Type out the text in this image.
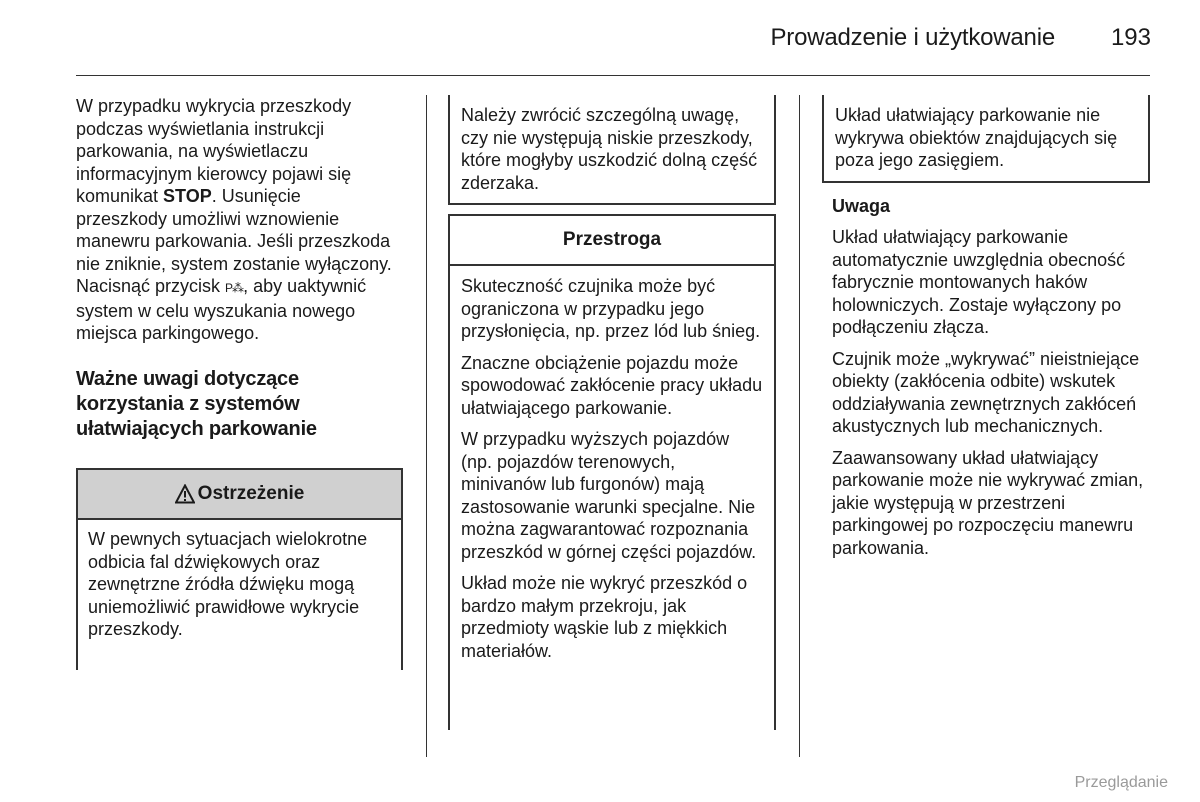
Prowadzenie i użytkowanie	193

W przypadku wykrycia przeszkody podczas wyświetlania instrukcji parkowania, na wyświetlaczu informacyjnym kierowcy pojawi się komunikat STOP. Usunięcie przeszkody umożliwi wznowienie manewru parkowania. Jeśli przeszkoda nie zniknie, system zostanie wyłączony. Nacisnąć przycisk P⁂, aby uaktywnić system w celu wyszukania nowego miejsca parkingowego.

Ważne uwagi dotyczące korzystania z systemów ułatwiających parkowanie
Ostrzeżenie
W pewnych sytuacjach wielokrotne odbicia fal dźwiękowych oraz zewnętrzne źródła dźwięku mogą uniemożliwić prawidłowe wykrycie przeszkody.
Należy zwrócić szczególną uwagę, czy nie występują niskie przeszkody, które mogłyby uszkodzić dolną część zderzaka.
Przestroga

Skuteczność czujnika może być ograniczona w przypadku jego przysłonięcia, np. przez lód lub śnieg.

Znaczne obciążenie pojazdu może spowodować zakłócenie pracy układu ułatwiającego parkowanie.

W przypadku wyższych pojazdów (np. pojazdów terenowych, minivanów lub furgonów) mają zastosowanie warunki specjalne. Nie można zagwarantować rozpoznania przeszkód w górnej części pojazdów.

Układ może nie wykryć przeszkód o bardzo małym przekroju, jak przedmioty wąskie lub z miękkich materiałów.

Układ ułatwiający parkowanie nie wykrywa obiektów znajdujących się poza jego zasięgiem.

Uwaga

Układ ułatwiający parkowanie automatycznie uwzględnia obecność fabrycznie montowanych haków holowniczych. Zostaje wyłączony po podłączeniu złącza.

Czujnik może „wykrywać” nieistniejące obiekty (zakłócenia odbite) wskutek oddziaływania zewnętrznych zakłóceń akustycznych lub mechanicznych.

Zaawansowany układ ułatwiający parkowanie może nie wykrywać zmian, jakie występują w przestrzeni parkingowej po rozpoczęciu manewru parkowania.

Przeglądanie
